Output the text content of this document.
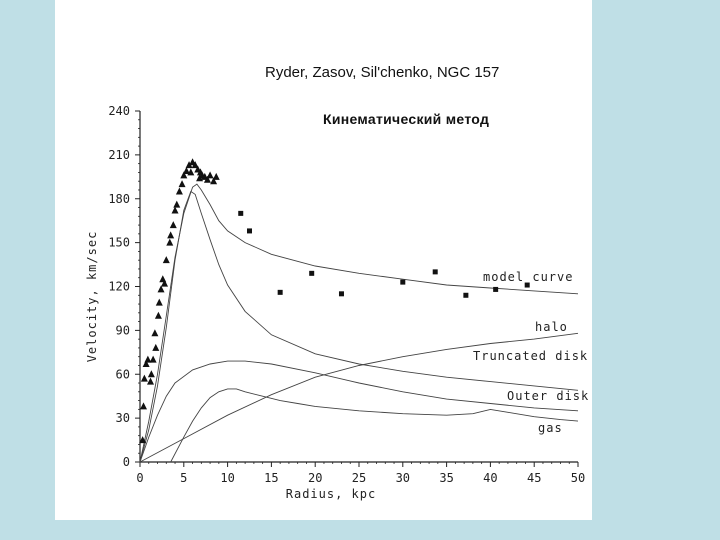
Ryder, Zasov, Sil'chenko, NGC 157
Кинематический метод
0
30
60
90
120
150
180
210
240
0	5	10 15 20 25 30 35 40 45 50
Radius, kpc
Velocity, km/sec	model curve
halo
Truncated disk
Outer disk
gas
